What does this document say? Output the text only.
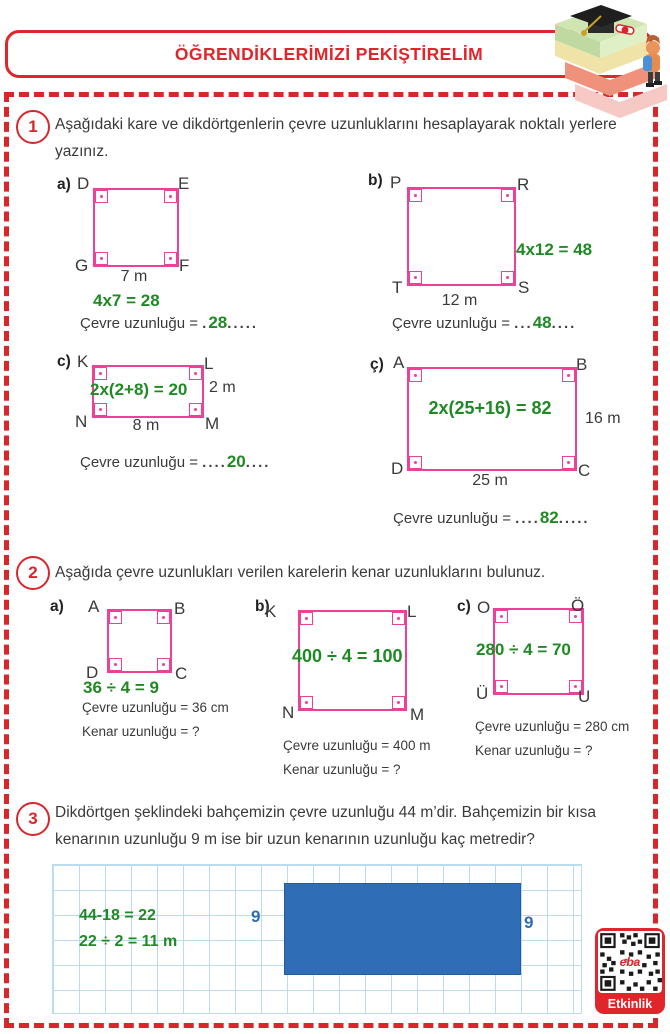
ÖĞRENDİKLERİMİZİ PEKİŞTİRELİM
1	Aşağıdaki kare ve dikdörtgenlerin çevre uzunluklarını hesaplayarak noktalı yerlere yazınız.
a) D	E
G	F
7 m
4x7 = 28
Çevre uzunluğu = .28.....
b) P	R
T	S
12 m
4x12 = 48
Çevre uzunluğu = ...48....
c) K	L
N	M
2 m
8 m
2x(2+8) = 20
Çevre uzunluğu = ....20....
ç) A	B
D	C
16 m
25 m
2x(25+16) = 82
Çevre uzunluğu = ....82.....
2	Aşağıda çevre uzunlukları verilen karelerin kenar uzunluklarını bulunuz.
a) A	B
D	C
36 ÷ 4 = 9
Çevre uzunluğu = 36 cm
Kenar uzunluğu = ?
b)
K	L
N	M
400 ÷ 4 = 100
Çevre uzunluğu = 400 m
Kenar uzunluğu = ?
c) O	Ö
Ü	U
280 ÷ 4 = 70
Çevre uzunluğu = 280 cm
Kenar uzunluğu = ?
3	Dikdörtgen şeklindeki bahçemizin çevre uzunluğu 44 m’dir. Bahçemizin bir kısa kenarının uzunluğu 9 m ise bir uzun kenarının uzunluğu kaç metredir?
44-18 = 22
22 ÷ 2 = 11 m
9	9
eba
Etkinlik
